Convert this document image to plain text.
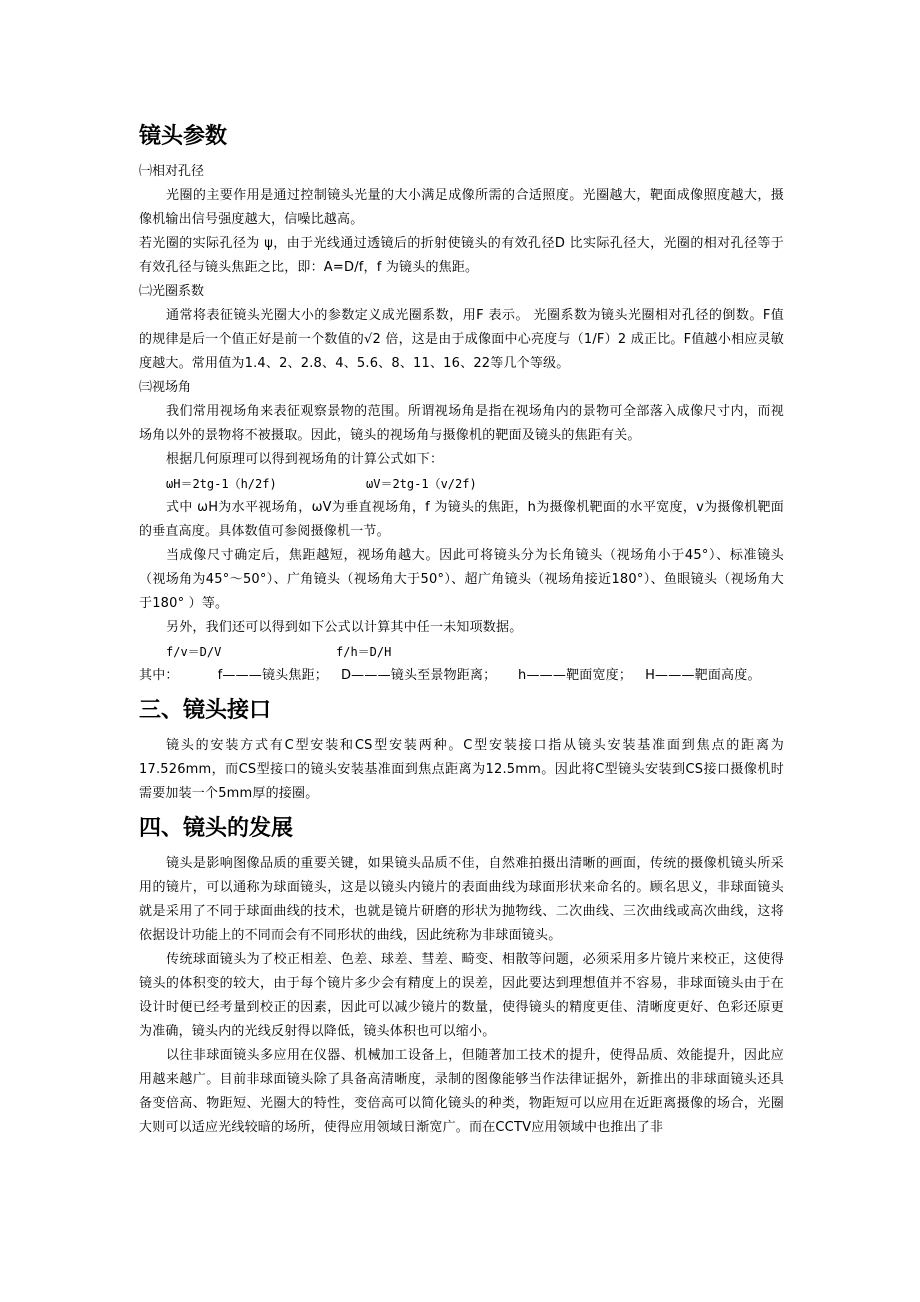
镜头参数

㈠相对孔径

光圈的主要作用是通过控制镜头光量的大小满足成像所需的合适照度。光圈越大，靶面成像照度越大，摄像机输出信号强度越大，信噪比越高。

若光圈的实际孔径为 ψ，由于光线通过透镜后的折射使镜头的有效孔径D 比实际孔径大，光圈的相对孔径等于有效孔径与镜头焦距之比，即：A=D/f，f 为镜头的焦距。

㈡光圈系数

通常将表征镜头光圈大小的参数定义成光圈系数，用F 表示。 光圈系数为镜头光圈相对孔径的倒数。F值的规律是后一个值正好是前一个数值的√2 倍，这是由于成像面中心亮度与（1/F）2 成正比。F值越小相应灵敏度越大。常用值为1.4、2、2.8、4、5.6、8、11、16、22等几个等级。

㈢视场角

我们常用视场角来表征观察景物的范围。所谓视场角是指在视场角内的景物可全部落入成像尺寸内，而视场角以外的景物将不被摄取。因此，镜头的视场角与摄像机的靶面及镜头的焦距有关。

根据几何原理可以得到视场角的计算公式如下：

ωH＝2tg-1（h/2f)	ωV＝2tg-1（v/2f)

式中 ωH为水平视场角，ωV为垂直视场角，f 为镜头的焦距，h为摄像机靶面的水平宽度，v为摄像机靶面的垂直高度。具体数值可参阅摄像机一节。

当成像尺寸确定后，焦距越短，视场角越大。因此可将镜头分为长角镜头（视场角小于45°）、标准镜头（视场角为45°～50°）、广角镜头（视场角大于50°）、超广角镜头（视场角接近180°）、鱼眼镜头（视场角大于180° ）等。

另外，我们还可以得到如下公式以计算其中任一未知项数据。

f/v＝D/V	f/h＝D/H

其中：         f———镜头焦距；   D———镜头至景物距离；     h———靶面宽度；   H———靶面高度。

三、镜头接口

镜头的安装方式有C型安装和CS型安装两种。C型安装接口指从镜头安装基准面到焦点的距离为17.526mm，而CS型接口的镜头安装基准面到焦点距离为12.5mm。因此将C型镜头安装到CS接口摄像机时需要加装一个5mm厚的接圈。

四、镜头的发展

镜头是影响图像品质的重要关键，如果镜头品质不佳，自然难拍摄出清晰的画面，传统的摄像机镜头所采用的镜片，可以通称为球面镜头，这是以镜头内镜片的表面曲线为球面形状来命名的。顾名思义，非球面镜头就是采用了不同于球面曲线的技术，也就是镜片研磨的形状为抛物线、二次曲线、三次曲线或高次曲线，这将依据设计功能上的不同而会有不同形状的曲线，因此统称为非球面镜头。

传统球面镜头为了校正相差、色差、球差、彗差、畸变、相散等问题，必须采用多片镜片来校正，这使得镜头的体积变的较大，由于每个镜片多少会有精度上的误差，因此要达到理想值并不容易，非球面镜头由于在设计时便已经考量到校正的因素，因此可以减少镜片的数量，使得镜头的精度更佳、清晰度更好、色彩还原更为准确，镜头内的光线反射得以降低，镜头体积也可以缩小。

以往非球面镜头多应用在仪器、机械加工设备上，但随著加工技术的提升，使得品质、效能提升，因此应用越来越广。目前非球面镜头除了具备高清晰度，录制的图像能够当作法律证据外，新推出的非球面镜头还具备变倍高、物距短、光圈大的特性，变倍高可以简化镜头的种类，物距短可以应用在近距离摄像的场合，光圈大则可以适应光线较暗的场所，使得应用领域日渐宽广。而在CCTV应用领域中也推出了非
